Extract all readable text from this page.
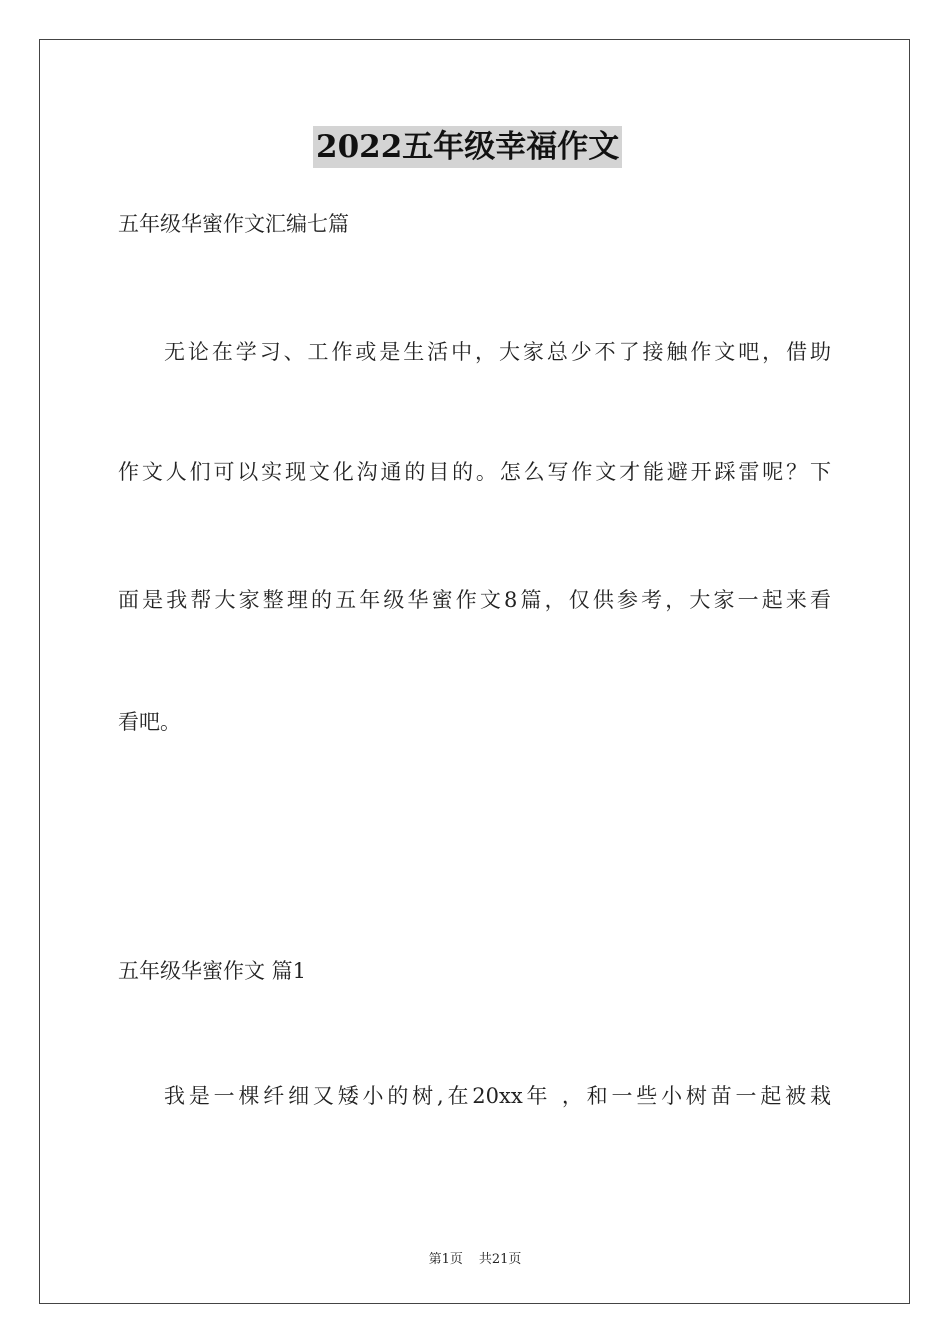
2022五年级幸福作文
五年级华蜜作文汇编七篇
无论在学习、工作或是生活中，大家总少不了接触作文吧，借助
作文人们可以实现文化沟通的目的。怎么写作文才能避开踩雷呢？下
面是我帮大家整理的五年级华蜜作文8篇，仅供参考，大家一起来看
看吧。
五年级华蜜作文 篇1
我是一棵纤细又矮小的树,在20xx年 ，和一些小树苗一起被栽
第1页 共21页
